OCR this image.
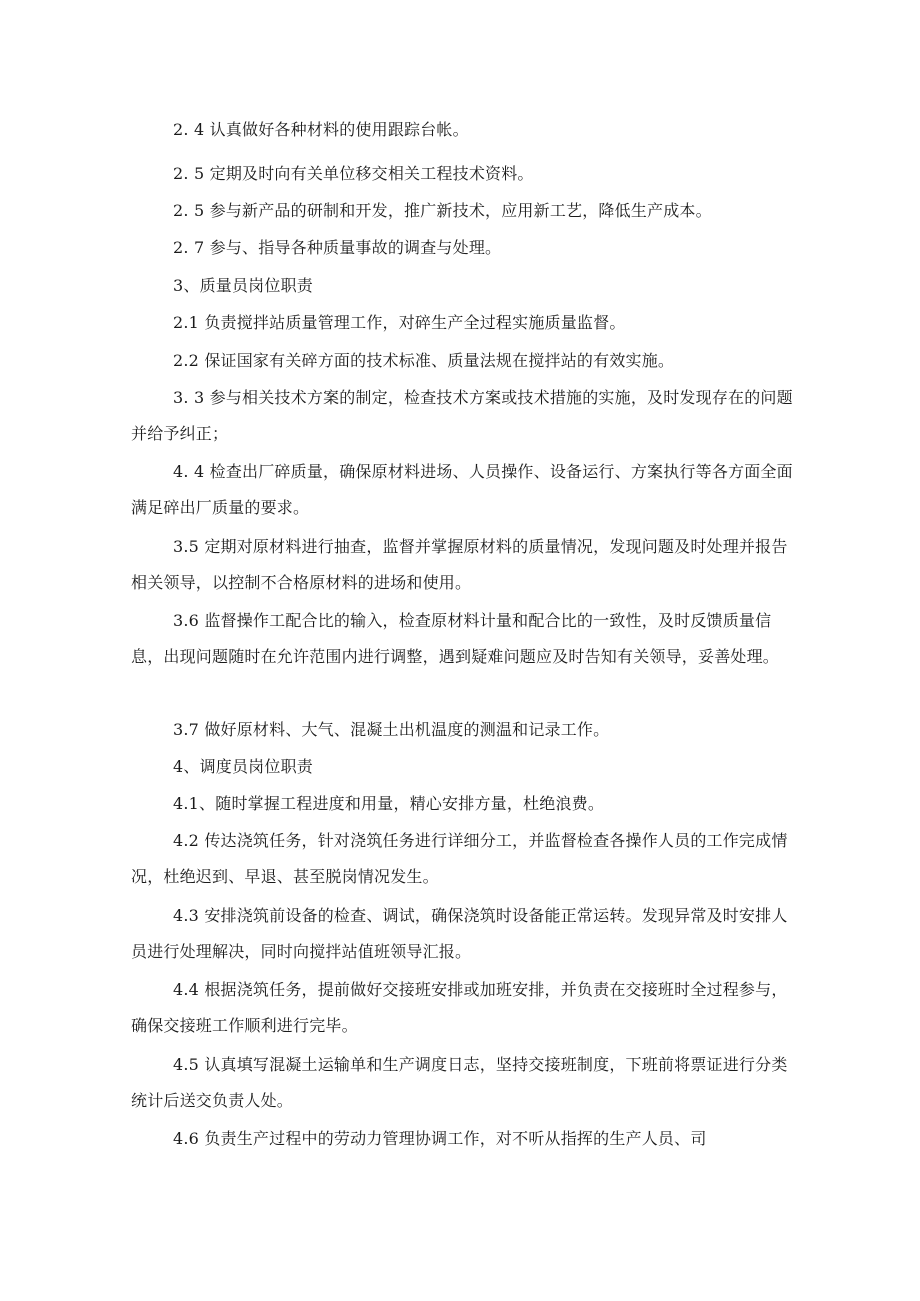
2. 4 认真做好各种材料的使用跟踪台帐。

2. 5 定期及时向有关单位移交相关工程技术资料。

2. 5 参与新产品的研制和开发，推广新技术，应用新工艺，降低生产成本。

2. 7 参与、指导各种质量事故的调查与处理。

3、质量员岗位职责

2.1 负责搅拌站质量管理工作，对碎生产全过程实施质量监督。

2.2 保证国家有关碎方面的技术标准、质量法规在搅拌站的有效实施。

3. 3 参与相关技术方案的制定，检查技术方案或技术措施的实施，及时发现存在的问题并给予纠正；

4. 4 检查出厂碎质量，确保原材料进场、人员操作、设备运行、方案执行等各方面全面满足碎出厂质量的要求。

3.5 定期对原材料进行抽查，监督并掌握原材料的质量情况，发现问题及时处理并报告相关领导，以控制不合格原材料的进场和使用。

3.6 监督操作工配合比的输入，检查原材料计量和配合比的一致性，及时反馈质量信息，出现问题随时在允许范围内进行调整，遇到疑难问题应及时告知有关领导，妥善处理。

3.7 做好原材料、大气、混凝土出机温度的测温和记录工作。

4、调度员岗位职责

4.1、随时掌握工程进度和用量，精心安排方量，杜绝浪费。

4.2 传达浇筑任务，针对浇筑任务进行详细分工，并监督检查各操作人员的工作完成情况，杜绝迟到、早退、甚至脱岗情况发生。

4.3 安排浇筑前设备的检查、调试，确保浇筑时设备能正常运转。发现异常及时安排人员进行处理解决，同时向搅拌站值班领导汇报。

4.4 根据浇筑任务，提前做好交接班安排或加班安排，并负责在交接班时全过程参与，确保交接班工作顺利进行完毕。

4.5 认真填写混凝土运输单和生产调度日志，坚持交接班制度，下班前将票证进行分类统计后送交负责人处。

4.6 负责生产过程中的劳动力管理协调工作，对不听从指挥的生产人员、司
